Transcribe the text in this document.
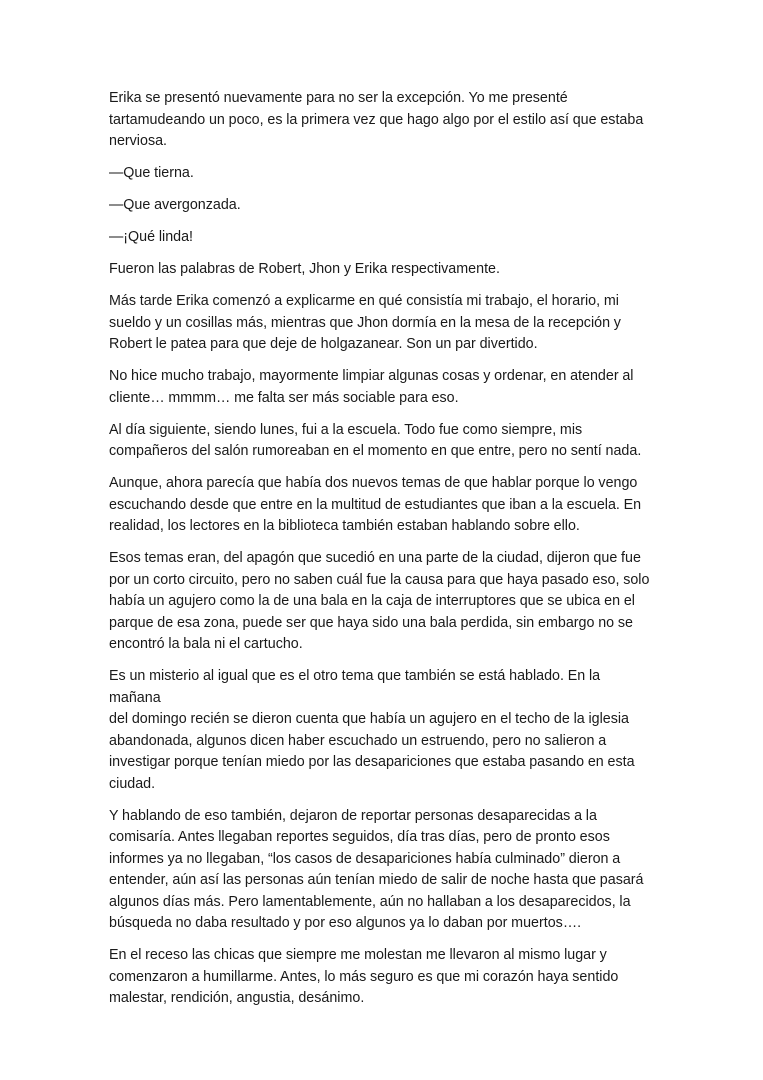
Erika se presentó nuevamente para no ser la excepción. Yo me presenté
tartamudeando un poco, es la primera vez que hago algo por el estilo así que estaba
nerviosa.

—Que tierna.

—Que avergonzada.

—¡Qué linda!

Fueron las palabras de Robert, Jhon y Erika respectivamente.

Más tarde Erika comenzó a explicarme en qué consistía mi trabajo, el horario, mi
sueldo y un cosillas más, mientras que Jhon dormía en la mesa de la recepción y
Robert le patea para que deje de holgazanear. Son un par divertido.

No hice mucho trabajo, mayormente limpiar algunas cosas y ordenar, en atender al
cliente… mmmm… me falta ser más sociable para eso.

Al día siguiente, siendo lunes, fui a la escuela. Todo fue como siempre, mis
compañeros del salón rumoreaban en el momento en que entre, pero no sentí nada.

Aunque, ahora parecía que había dos nuevos temas de que hablar porque lo vengo
escuchando desde que entre en la multitud de estudiantes que iban a la escuela. En
realidad, los lectores en la biblioteca también estaban hablando sobre ello.

Esos temas eran, del apagón que sucedió en una parte de la ciudad, dijeron que fue
por un corto circuito, pero no saben cuál fue la causa para que haya pasado eso, solo
había un agujero como la de una bala en la caja de interruptores que se ubica en el
parque de esa zona, puede ser que haya sido una bala perdida, sin embargo no se
encontró la bala ni el cartucho.

Es un misterio al igual que es el otro tema que también se está hablado. En la mañana
del domingo recién se dieron cuenta que había un agujero en el techo de la iglesia
abandonada, algunos dicen haber escuchado un estruendo, pero no salieron a
investigar porque tenían miedo por las desapariciones que estaba pasando en esta
ciudad.

Y hablando de eso también, dejaron de reportar personas desaparecidas a la
comisaría. Antes llegaban reportes seguidos, día tras días, pero de pronto esos
informes ya no llegaban, “los casos de desapariciones había culminado” dieron a
entender, aún así las personas aún tenían miedo de salir de noche hasta que pasará
algunos días más. Pero lamentablemente, aún no hallaban a los desaparecidos, la
búsqueda no daba resultado y por eso algunos ya lo daban por muertos….

En el receso las chicas que siempre me molestan me llevaron al mismo lugar y
comenzaron a humillarme. Antes, lo más seguro es que mi corazón haya sentido
malestar, rendición, angustia, desánimo.
